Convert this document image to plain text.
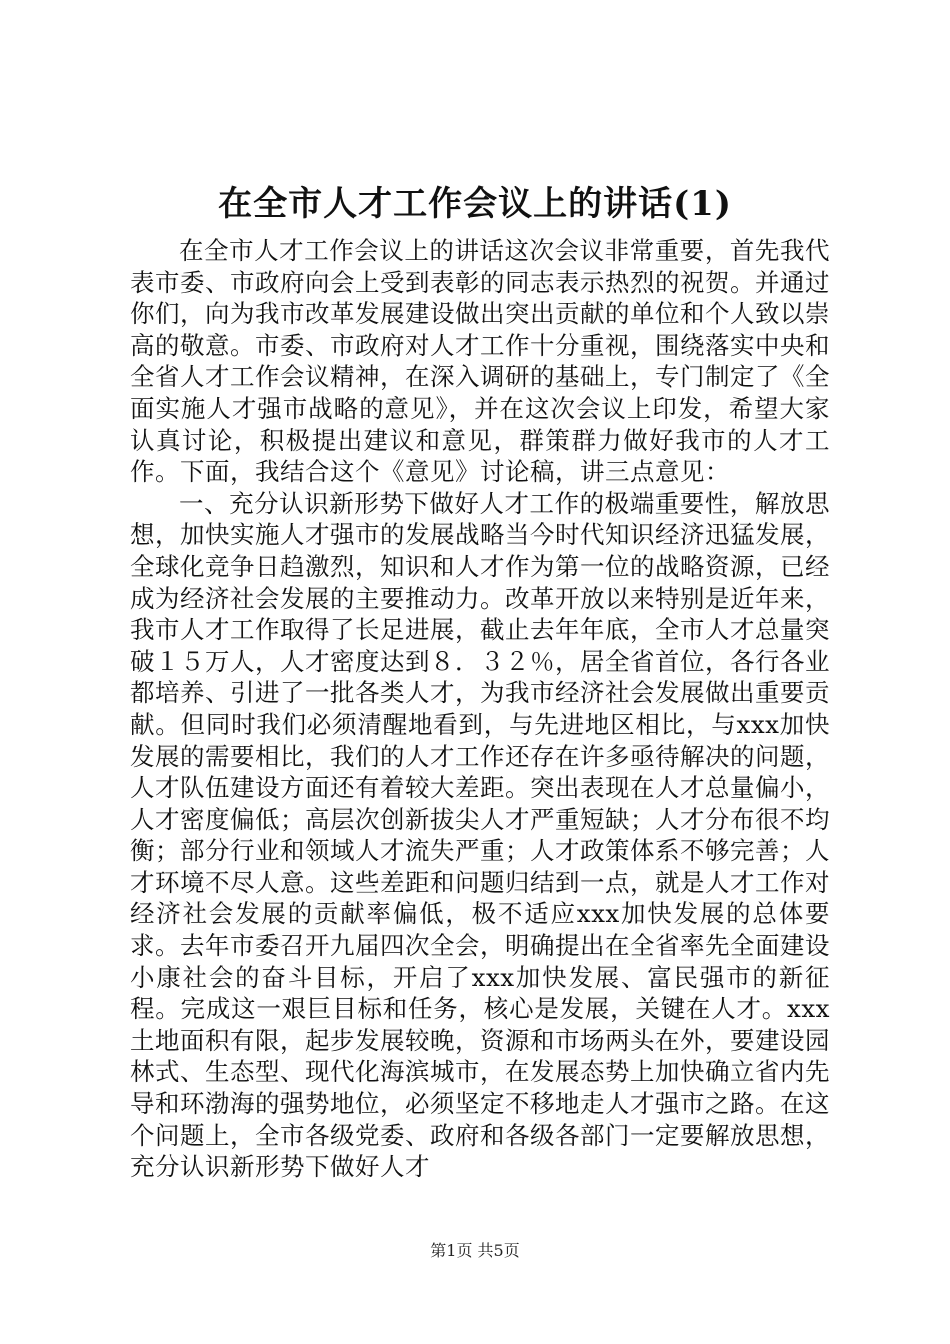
在全市人才工作会议上的讲话(1)

在全市人才工作会议上的讲话这次会议非常重要，首先我代表市委、市政府向会上受到表彰的同志表示热烈的祝贺。并通过你们，向为我市改革发展建设做出突出贡献的单位和个人致以崇高的敬意。市委、市政府对人才工作十分重视，围绕落实中央和全省人才工作会议精神，在深入调研的基础上，专门制定了《全面实施人才强市战略的意见》，并在这次会议上印发，希望大家认真讨论，积极提出建议和意见，群策群力做好我市的人才工作。下面，我结合这个《意见》讨论稿，讲三点意见：

一、充分认识新形势下做好人才工作的极端重要性，解放思想，加快实施人才强市的发展战略当今时代知识经济迅猛发展，全球化竞争日趋激烈，知识和人才作为第一位的战略资源，已经成为经济社会发展的主要推动力。改革开放以来特别是近年来，我市人才工作取得了长足进展，截止去年年底，全市人才总量突破１５万人，人才密度达到８．３２％，居全省首位，各行各业都培养、引进了一批各类人才，为我市经济社会发展做出重要贡献。但同时我们必须清醒地看到，与先进地区相比，与xxx加快发展的需要相比，我们的人才工作还存在许多亟待解决的问题，人才队伍建设方面还有着较大差距。突出表现在人才总量偏小，人才密度偏低；高层次创新拔尖人才严重短缺；人才分布很不均衡；部分行业和领域人才流失严重；人才政策体系不够完善；人才环境不尽人意。这些差距和问题归结到一点，就是人才工作对经济社会发展的贡献率偏低，极不适应xxx加快发展的总体要求。去年市委召开九届四次全会，明确提出在全省率先全面建设小康社会的奋斗目标，开启了xxx加快发展、富民强市的新征程。完成这一艰巨目标和任务，核心是发展，关键在人才。xxx土地面积有限，起步发展较晚，资源和市场两头在外，要建设园林式、生态型、现代化海滨城市，在发展态势上加快确立省内先导和环渤海的强势地位，必须坚定不移地走人才强市之路。在这个问题上，全市各级党委、政府和各级各部门一定要解放思想，充分认识新形势下做好人才

第1页 共5页
